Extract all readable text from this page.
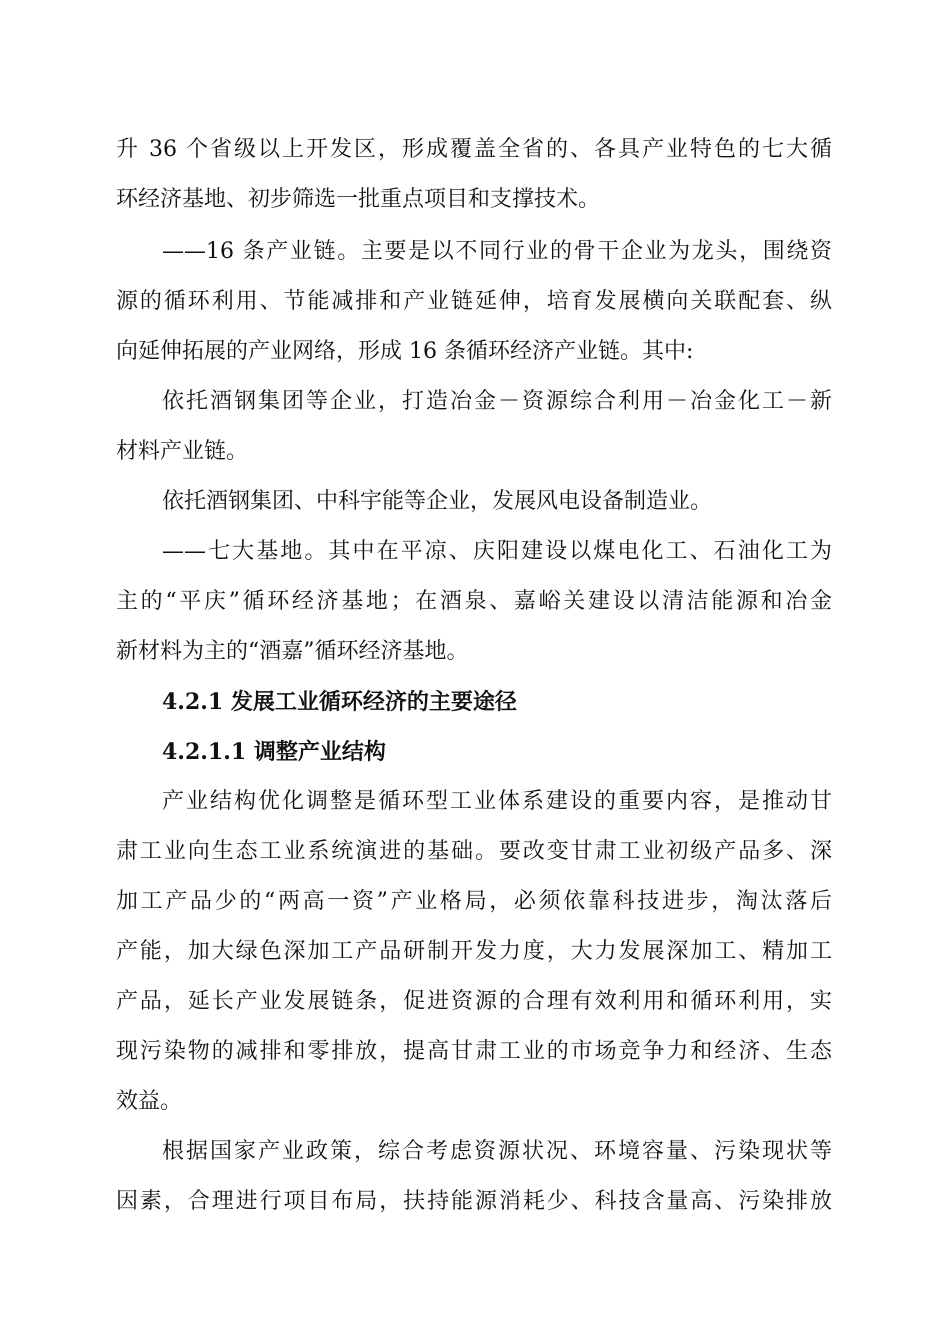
升 36 个省级以上开发区，形成覆盖全省的、各具产业特色的七大循
环经济基地、初步筛选一批重点项目和支撑技术。
——16 条产业链。主要是以不同行业的骨干企业为龙头，围绕资
源的循环利用、节能减排和产业链延伸，培育发展横向关联配套、纵
向延伸拓展的产业网络，形成 16 条循环经济产业链。其中:
依托酒钢集团等企业，打造冶金－资源综合利用－冶金化工－新
材料产业链。
依托酒钢集团、中科宇能等企业，发展风电设备制造业。
——七大基地。其中在平凉、庆阳建设以煤电化工、石油化工为
主的“平庆”循环经济基地；在酒泉、嘉峪关建设以清洁能源和冶金
新材料为主的“酒嘉”循环经济基地。
4.2.1 发展工业循环经济的主要途径
4.2.1.1 调整产业结构
产业结构优化调整是循环型工业体系建设的重要内容，是推动甘
肃工业向生态工业系统演进的基础。要改变甘肃工业初级产品多、深
加工产品少的“两高一资”产业格局，必须依靠科技进步，淘汰落后
产能，加大绿色深加工产品研制开发力度，大力发展深加工、精加工
产品，延长产业发展链条，促进资源的合理有效利用和循环利用，实
现污染物的减排和零排放，提高甘肃工业的市场竞争力和经济、生态
效益。
根据国家产业政策，综合考虑资源状况、环境容量、污染现状等
因素，合理进行项目布局，扶持能源消耗少、科技含量高、污染排放
